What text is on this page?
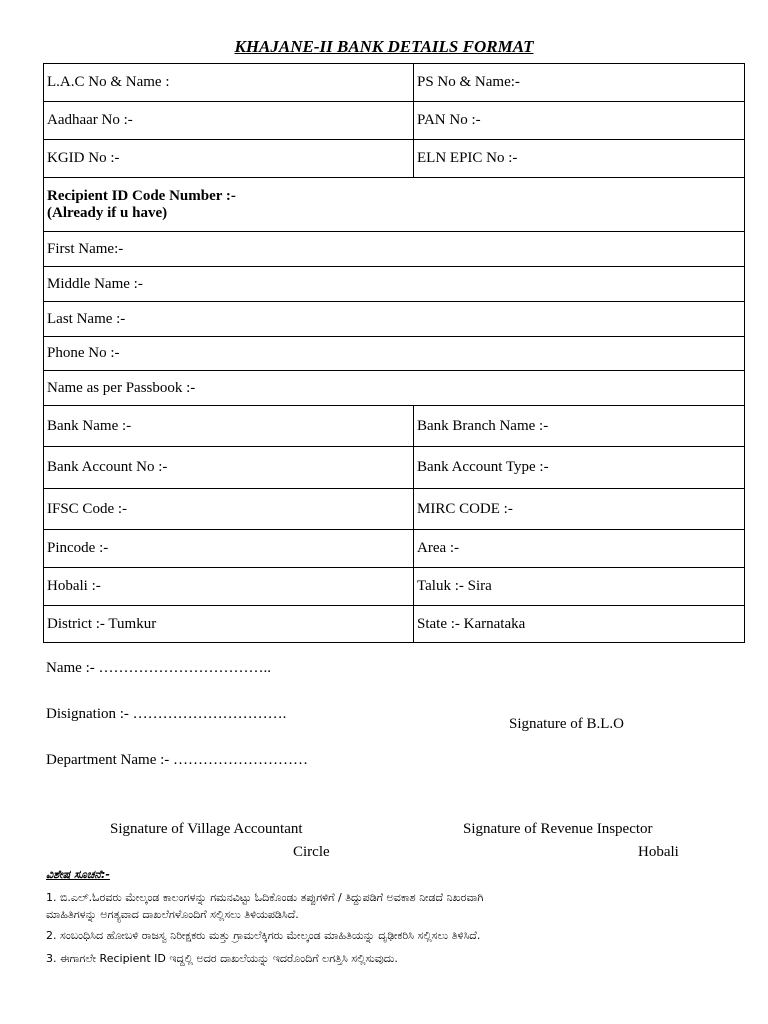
KHAJANE-II BANK DETAILS FORMAT
L.A.C No & Name :	PS No & Name:-
Aadhaar No :-	PAN No :-
KGID No :-	ELN EPIC No :-

Recipient ID Code Number :-
(Already if u have)	

First Name:-	
Middle Name :-	
Last Name :-	
Phone No :-	
Name as per Passbook :-	
Bank Name :-	Bank Branch Name :-
Bank Account No :-	Bank Account Type :-
IFSC Code :-	MIRC CODE :-
Pincode :-	Area :-
Hobali :-	Taluk :- Sira
District :- Tumkur	State :- Karnataka
Name :- ……………………………..
Disignation :- ………………………….
Department Name :- ………………………
Signature of B.L.O
Signature of Village Accountant
Circle
Signature of Revenue Inspector
Hobali
ವಿಶೇಷ ಸೂಚನೆ:-
1. ಬಿ.ಎಲ್.ಓರವರು ಮೇಲ್ಕಂಡ ಕಾಲಂಗಳನ್ನು ಗಮನವಿಟ್ಟು ಓದಿಕೊಂಡು ತಪ್ಪುಗಳಿಗೆ / ತಿದ್ದುಪಡಿಗೆ ಅವಕಾಶ ನೀಡದೆ ನಿಖರವಾಗಿ
ಮಾಹಿತಿಗಳನ್ನು ಅಗತ್ಯವಾದ ದಾಖಲೆಗಳೊಂದಿಗೆ ಸಲ್ಲಿಸಲು ತಿಳಿಯಪಡಿಸಿದೆ.
2. ಸಂಬಂಧಿಸಿದ ಹೋಬಳಿ ರಾಜಸ್ವ ನಿರೀಕ್ಷಕರು ಮತ್ತು ಗ್ರಾಮಲೆಕ್ಕಿಗರು ಮೇಲ್ಕಂಡ ಮಾಹಿತಿಯನ್ನು ದೃಢೀಕರಿಸಿ ಸಲ್ಲಿಸಲು ತಿಳಿಸಿದೆ.
3. ಈಗಾಗಲೇ Recipient ID ಇದ್ದಲ್ಲಿ ಅದರ ದಾಖಲೆಯನ್ನು ಇದರೊಂದಿಗೆ ಲಗತ್ತಿಸಿ ಸಲ್ಲಿಸುವುದು.
